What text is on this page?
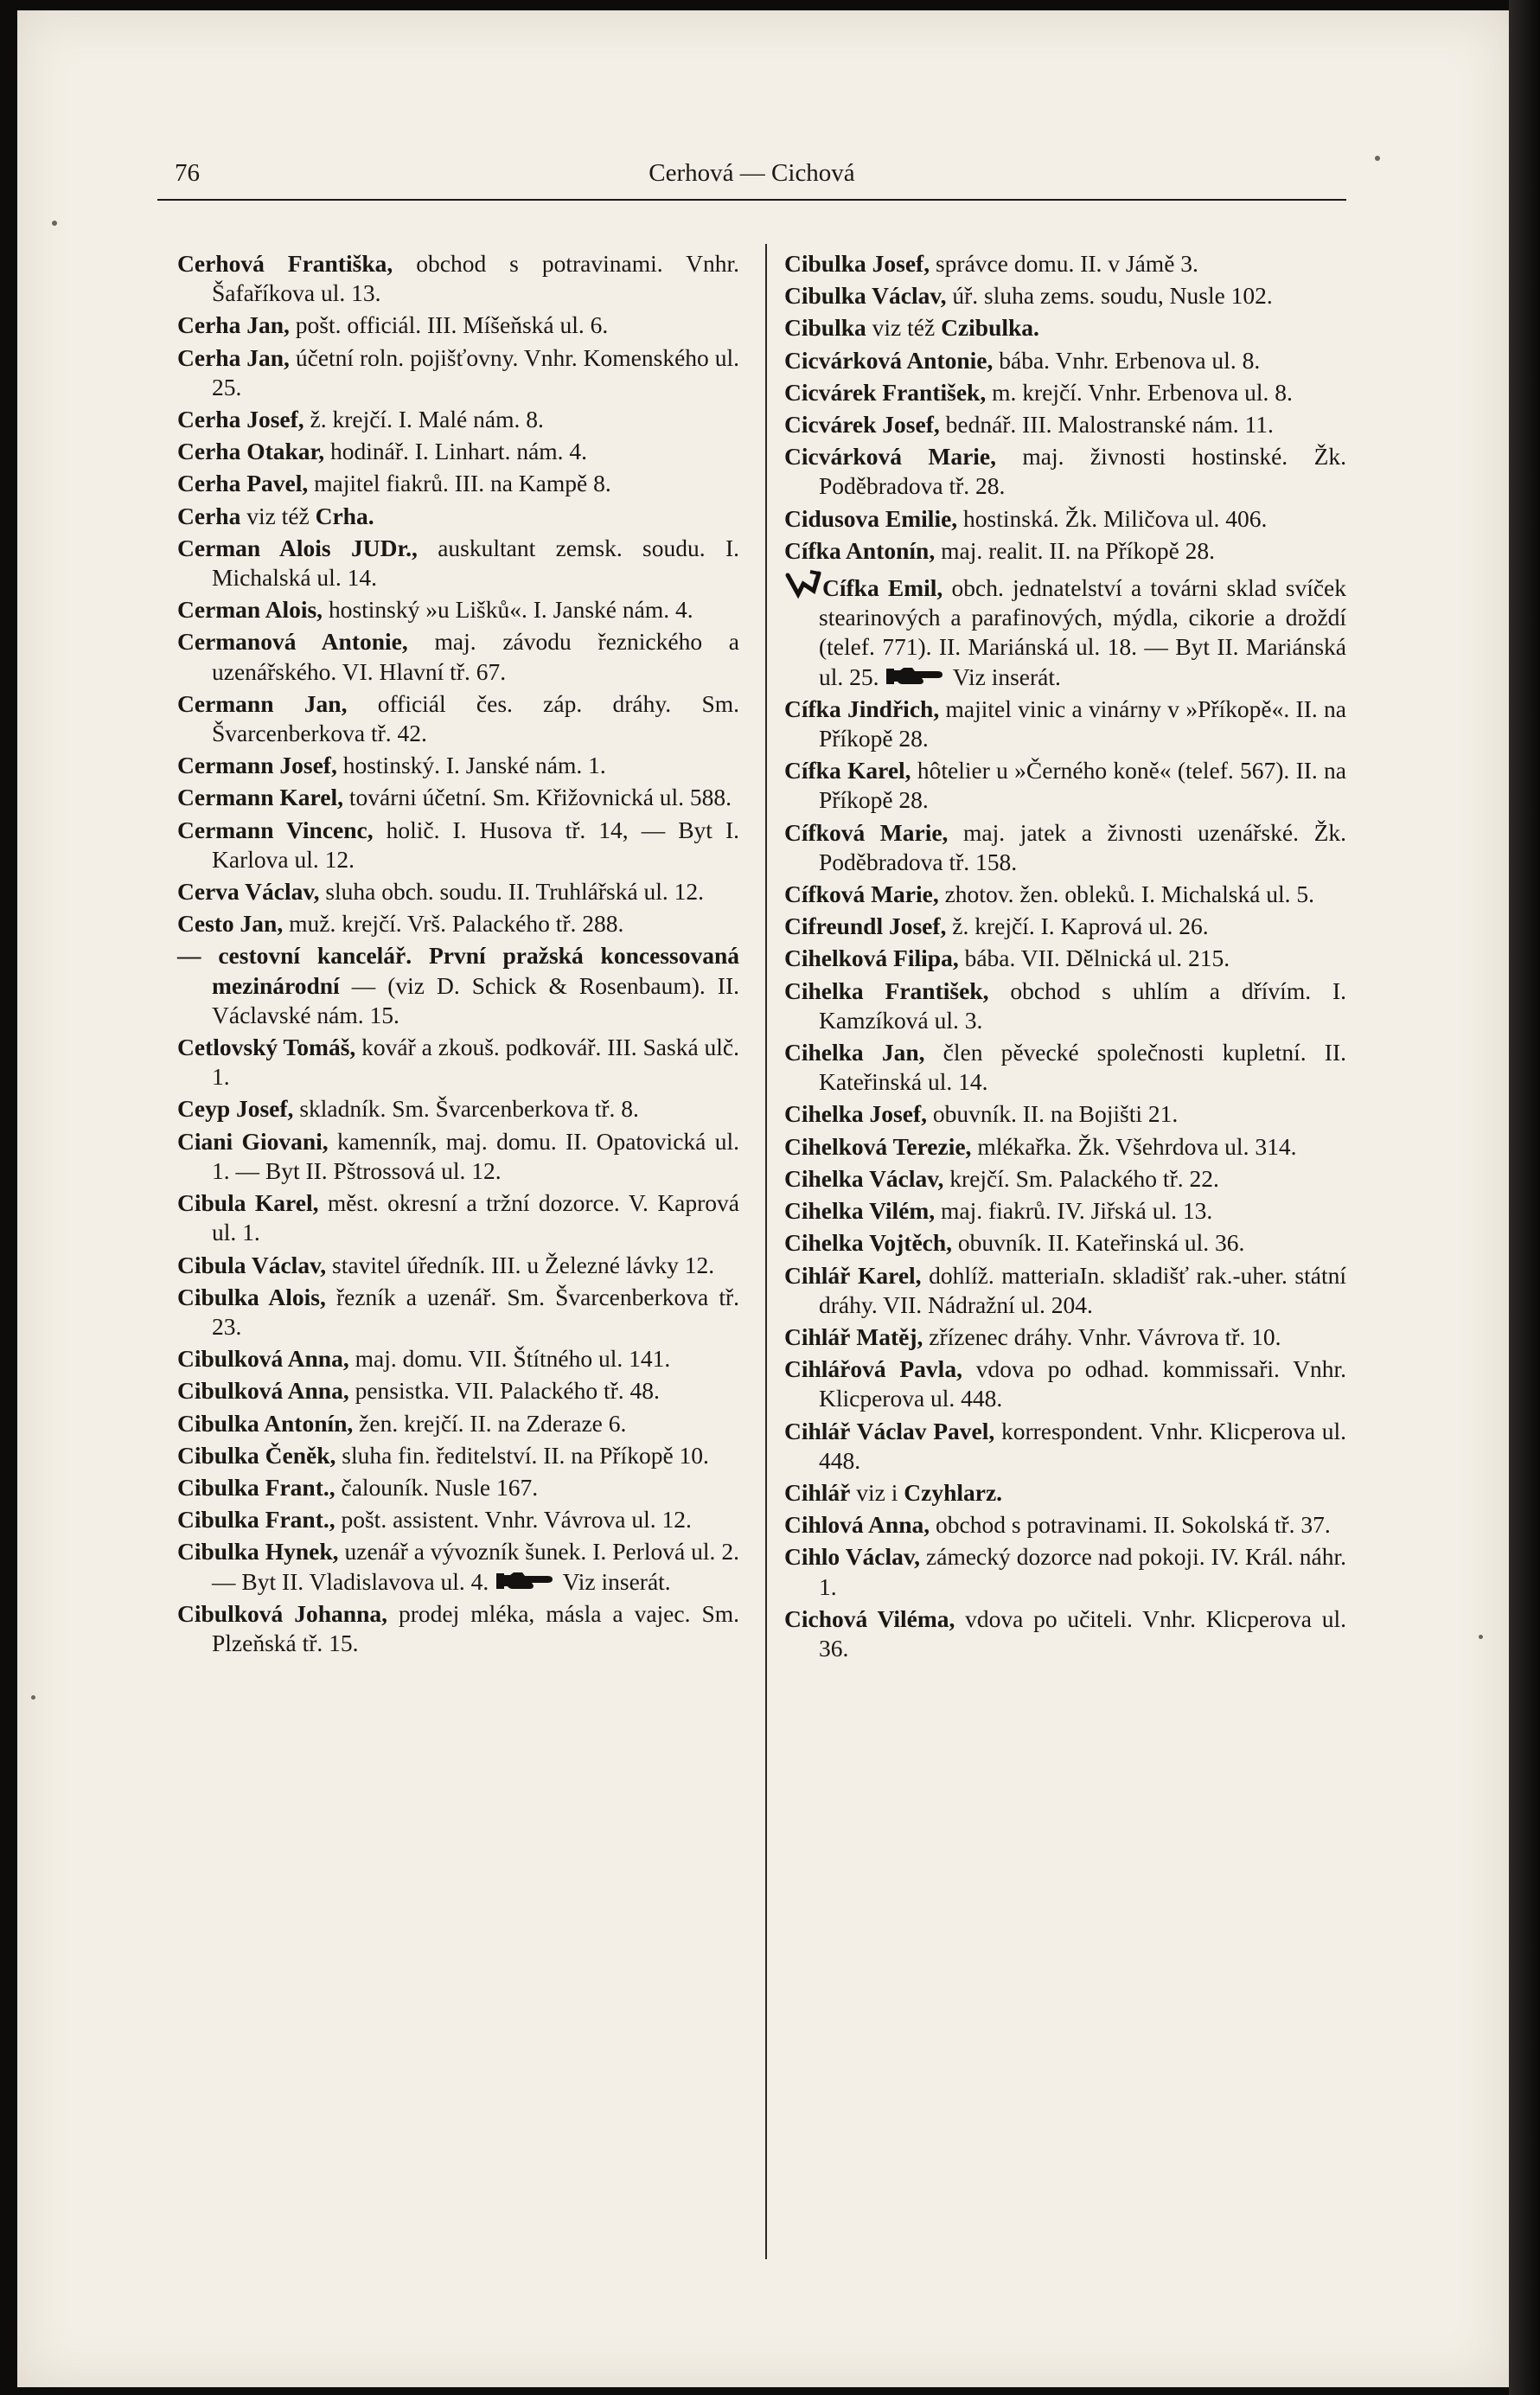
76	Cerhová — Cichová
Cerhová Františka, obchod s potravinami. Vnhr. Šafaříkova ul. 13.
Cerha Jan, pošt. officiál. III. Míšeňská ul. 6.
Cerha Jan, účetní roln. pojišťovny. Vnhr. Komenského ul. 25.
Cerha Josef, ž. krejčí. I. Malé nám. 8.
Cerha Otakar, hodinář. I. Linhart. nám. 4.
Cerha Pavel, majitel fiakrů. III. na Kampě 8.
Cerha viz též Crha.
Cerman Alois JUDr., auskultant zemsk. soudu. I. Michalská ul. 14.
Cerman Alois, hostinský »u Lišků«. I. Janské nám. 4.
Cermanová Antonie, maj. závodu řeznického a uzenářského. VI. Hlavní tř. 67.
Cermann Jan, officiál čes. záp. dráhy. Sm. Švarcenberkova tř. 42.
Cermann Josef, hostinský. I. Janské nám. 1.
Cermann Karel, továrni účetní. Sm. Křižovnická ul. 588.
Cermann Vincenc, holič. I. Husova tř. 14, — Byt I. Karlova ul. 12.
Cerva Václav, sluha obch. soudu. II. Truhlářská ul. 12.
Cesto Jan, muž. krejčí. Vrš. Palackého tř. 288.
— cestovní kancelář. První pražská koncessovaná mezinárodní — (viz D. Schick & Rosenbaum). II. Václavské nám. 15.
Cetlovský Tomáš, kovář a zkouš. podkovář. III. Saská ulč. 1.
Ceyp Josef, skladník. Sm. Švarcenberkova tř. 8.
Ciani Giovani, kamenník, maj. domu. II. Opatovická ul. 1. — Byt II. Pštrossová ul. 12.
Cibula Karel, měst. okresní a tržní dozorce. V. Kaprová ul. 1.
Cibula Václav, stavitel úředník. III. u Železné lávky 12.
Cibulka Alois, řezník a uzenář. Sm. Švarcenberkova tř. 23.
Cibulková Anna, maj. domu. VII. Štítného ul. 141.
Cibulková Anna, pensistka. VII. Palackého tř. 48.
Cibulka Antonín, žen. krejčí. II. na Zderaze 6.
Cibulka Čeněk, sluha fin. ředitelství. II. na Příkopě 10.
Cibulka Frant., čalouník. Nusle 167.
Cibulka Frant., pošt. assistent. Vnhr. Vávrova ul. 12.
Cibulka Hynek, uzenář a vývozník šunek. I. Perlová ul. 2. — Byt II. Vladislavova ul. 4.	Viz inserát.
Cibulková Johanna, prodej mléka, másla a vajec. Sm. Plzeňská tř. 15.
Cibulka Josef, správce domu. II. v Jámě 3.
Cibulka Václav, úř. sluha zems. soudu, Nusle 102.
Cibulka viz též Czibulka.
Cicvárková Antonie, bába. Vnhr. Erbenova ul. 8.
Cicvárek František, m. krejčí. Vnhr. Erbenova ul. 8.
Cicvárek Josef, bednář. III. Malostranské nám. 11.
Cicvárková Marie, maj. živnosti hostinské. Žk. Poděbradova tř. 28.
Cidusova Emilie, hostinská. Žk. Miličova ul. 406.
Cífka Antonín, maj. realit. II. na Příkopě 28.
Cífka Emil, obch. jednatelství a továrni sklad svíček stearinových a parafinových, mýdla, cikorie a droždí (telef. 771). II. Mariánská ul. 18. — Byt II. Mariánská ul. 25.	Viz inserát.
Cífka Jindřich, majitel vinic a vinárny v »Příkopě«. II. na Příkopě 28.
Cífka Karel, hôtelier u »Černého koně« (telef. 567). II. na Příkopě 28.
Cífková Marie, maj. jatek a živnosti uzenářské. Žk. Poděbradova tř. 158.
Cífková Marie, zhotov. žen. obleků. I. Michalská ul. 5.
Cifreundl Josef, ž. krejčí. I. Kaprová ul. 26.
Cihelková Filipa, bába. VII. Dělnická ul. 215.
Cihelka František, obchod s uhlím a dřívím. I. Kamzíková ul. 3.
Cihelka Jan, člen pěvecké společnosti kupletní. II. Kateřinská ul. 14.
Cihelka Josef, obuvník. II. na Bojišti 21.
Cihelková Terezie, mlékařka. Žk. Všehrdova ul. 314.
Cihelka Václav, krejčí. Sm. Palackého tř. 22.
Cihelka Vilém, maj. fiakrů. IV. Jiřská ul. 13.
Cihelka Vojtěch, obuvník. II. Kateřinská ul. 36.
Cihlář Karel, dohlíž. matteriaIn. skladišť rak.-uher. státní dráhy. VII. Nádražní ul. 204.
Cihlář Matěj, zřízenec dráhy. Vnhr. Vávrova tř. 10.
Cihlářová Pavla, vdova po odhad. kommissaři. Vnhr. Klicperova ul. 448.
Cihlář Václav Pavel, korrespondent. Vnhr. Klicperova ul. 448.
Cihlář viz i Czyhlarz.
Cihlová Anna, obchod s potravinami. II. Sokolská tř. 37.
Cihlo Václav, zámecký dozorce nad pokoji. IV. Král. náhr. 1.
Cichová Viléma, vdova po učiteli. Vnhr. Klicperova ul. 36.
